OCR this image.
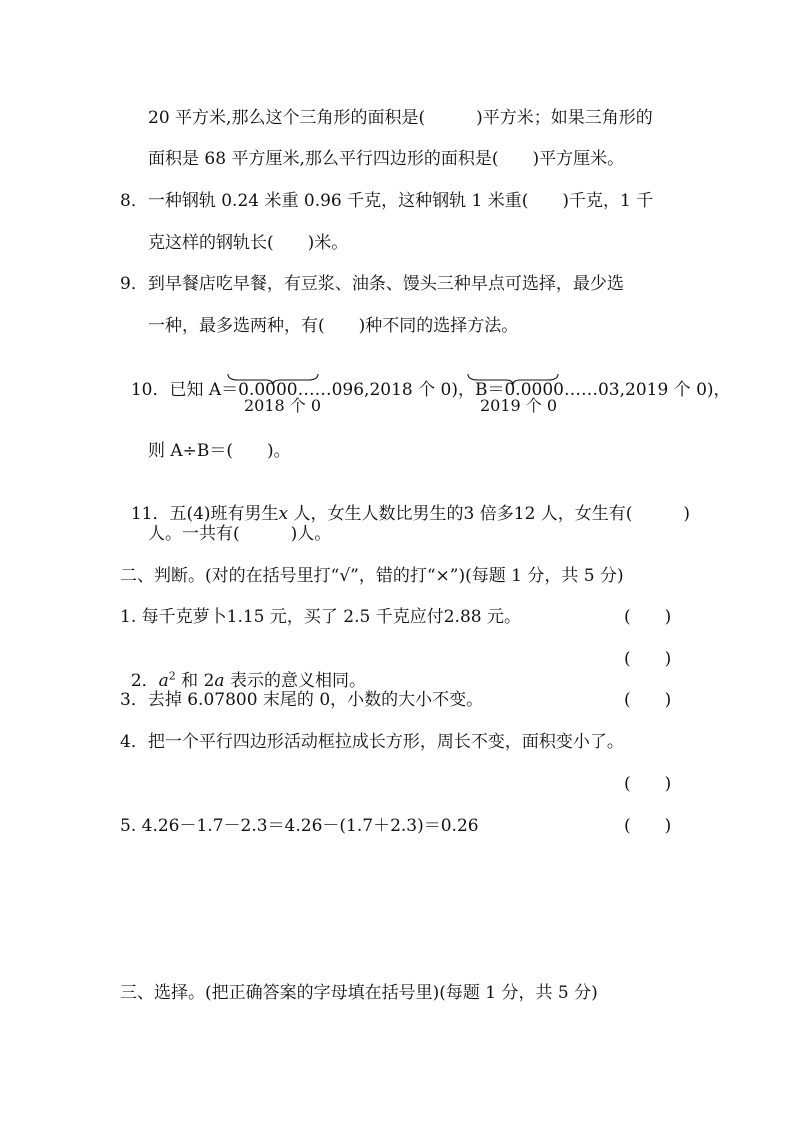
20 平方米,那么这个三角形的面积是(　　　)平方米；如果三角形的
面积是 68 平方厘米,那么平行四边形的面积是(　　)平方厘米。
8．一种钢轨 0.24 米重 0.96 千克，这种钢轨 1 米重(　　)千克，1 千
克这样的钢轨长(　　)米。
9．到早餐店吃早餐，有豆浆、油条、馒头三种早点可选择，最少选
一种，最多选两种，有(　　)种不同的选择方法。

10．已知 A＝0.0000……096,2018 个 0)，B＝0.0000……03,2019 个 0)，

2018 个 0	2019 个 0
则 A÷B＝(　　)。

11．五(4)班有男生x 人，女生人数比男生的3 倍多12 人，女生有(　　　)

人。一共有(　　　)人。
二、判断。(对的在括号里打“√”，错的打“×”)(每题 1 分，共 5 分)
1. 每千克萝卜1.15 元，买了 2.5 千克应付2.88 元。	(　　)

2．$a^2$ 和 2a 表示的意义相同。

(　　)
3．去掉 6.07800 末尾的 0，小数的大小不变。	(　　)
4．把一个平行四边形活动框拉成长方形，周长不变，面积变小了。
(　　)
5. 4.26－1.7－2.3＝4.26－(1.7＋2.3)＝0.26	(　　)
三、选择。(把正确答案的字母填在括号里)(每题 1 分，共 5 分)
